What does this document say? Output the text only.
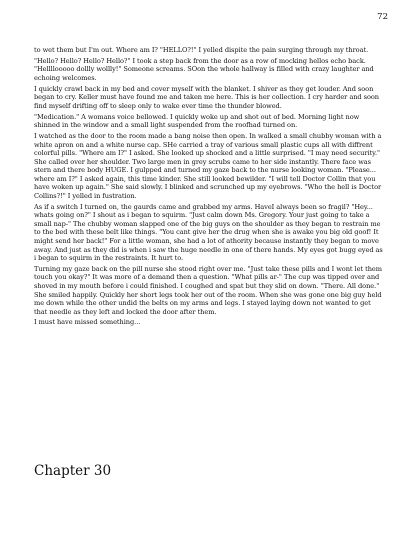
72

to wet them but I'm out. Where am I? "HELLO?!" I yelled dispite the pain surging through my throat.

"Hello? Hello? Hello? Hello?" I took a step back from the door as a row of mocking hellos echo back. "Hellllooooo dollly wollly!" Someone screams. SOon the whole hallway is filled with crazy laughter and echoing welcomes.

I quickly crawl back in my bed and cover myself with the blanket. I shiver as they get louder. And soon began to cry. Keller must have found me and taken me here. This is her collection. I cry harder and soon find myself drifting off to sleep only to wake ever time the thunder blowed.

"Medication." A womans voice bellowed. I quickly woke up and shot out of bed. Morning light now shinned in the window and a small light suspended from the roofhad turned on.

I watched as the door to the room made a bang noise then open. In walked a small chubby woman with a white apron on and a white nurse cap. SHe carried a tray of various small plastic cups all with diffrent colorful pills. "Where am I?" I asked. She looked up shocked and a little surprised. "I may need security." She called over her shoulder. Two large men in grey scrubs came to her side instantly. There face was stern and there body HUGE. I gulpped and turned my gaze back to the nurse looking woman. "Please... where am I?" I asked again, this time kinder. She still looked bewilder. "I will tell Doctor Collin that you have woken up again." She said slowly. I blinked and scrunched up my eyebrows. "Who the hell is Doctor Collins?!" I yelled in fustration.

As if a switch I turned on, the gaurds came and grabbed my arms. HaveI always been so fragil? "Hey... whats going on?" I shout as i began to squirm. "Just calm down Ms. Gregory. Your just going to take a small nap-" The chubby woman slapped one of the big guys on the shoulder as they began to restrain me to the bed with these belt like things. "You cant give her the drug when she is awake you big old goof! It might send her back!" For a little woman, she had a lot of athority because instantly they began to move away. And just as they did is when i saw the huge needle in one of there hands. My eyes got bugg eyed as i began to squirm in the restraints. It hurt to.

Turning my gaze back on the pill nurse she stood right over me. "Just take these pills and I wont let them touch you okay?" It was more of a demand then a question. "What pills ar-" The cup was tipped over and shoved in my mouth before i could finished. I coughed and spat but they slid on down. "There. All done." She smiled happily. Quickly her short legs took her out of the room. When she was gone one big guy held me down while the other undid the belts on my arms and legs. I stayed laying down not wanted to get that needle as they left and locked the door after them.

I must have missed something...

Chapter 30
